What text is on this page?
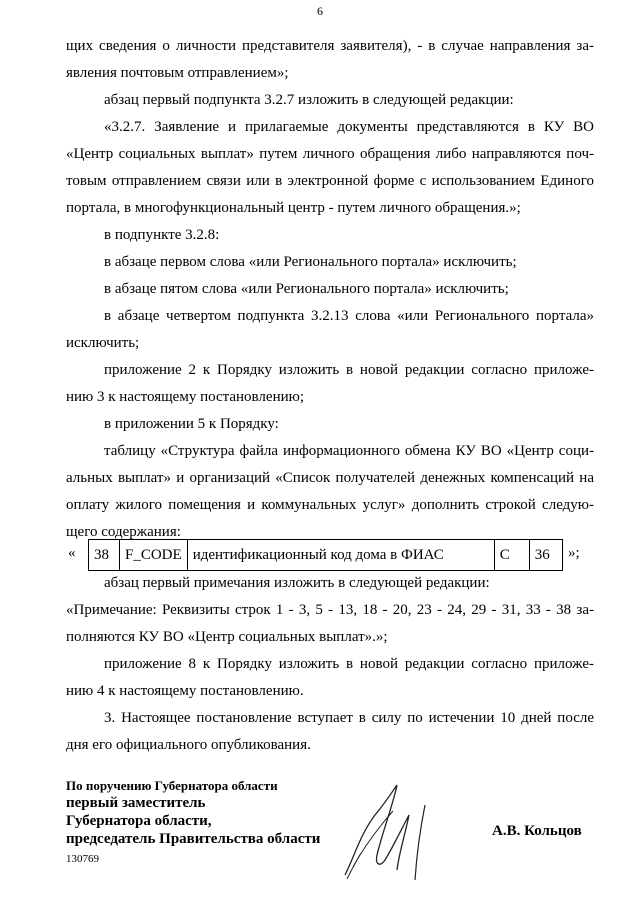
6
щих сведения о личности представителя заявителя), - в случае направления за-
явления почтовым отправлением»;
абзац первый подпункта 3.2.7 изложить в следующей редакции:
«3.2.7. Заявление и прилагаемые документы представляются в КУ ВО
«Центр социальных выплат» путем личного обращения либо направляются поч-
товым отправлением связи или в электронной форме с использованием Единого
портала, в многофункциональный центр - путем личного обращения.»;
в подпункте 3.2.8:
в абзаце первом слова «или Регионального портала» исключить;
в абзаце пятом слова «или Регионального портала» исключить;
в абзаце четвертом подпункта 3.2.13 слова «или Регионального портала»
исключить;
приложение 2 к Порядку изложить в новой редакции согласно приложе-
нию 3 к настоящему постановлению;
в приложении 5 к Порядку:
таблицу «Структура файла информационного обмена КУ ВО «Центр соци-
альных выплат» и организаций «Список получателей денежных компенсаций на
оплату жилого помещения и коммунальных услуг» дополнить строкой следую-
щего содержания:
« 38	F_CODE	идентификационный код дома в ФИАС	С	36 »;
абзац первый примечания изложить в следующей редакции:
«Примечание: Реквизиты строк 1 - 3, 5 - 13, 18 - 20, 23 - 24, 29 - 31, 33 - 38 за-
полняются КУ ВО «Центр социальных выплат».»;
приложение 8 к Порядку изложить в новой редакции согласно приложе-
нию 4 к настоящему постановлению.
3. Настоящее постановление вступает в силу по истечении 10 дней после
дня его официального опубликования.
По поручению Губернатора области
первый заместитель
Губернатора области,
председатель Правительства области
130769
А.В. Кольцов
